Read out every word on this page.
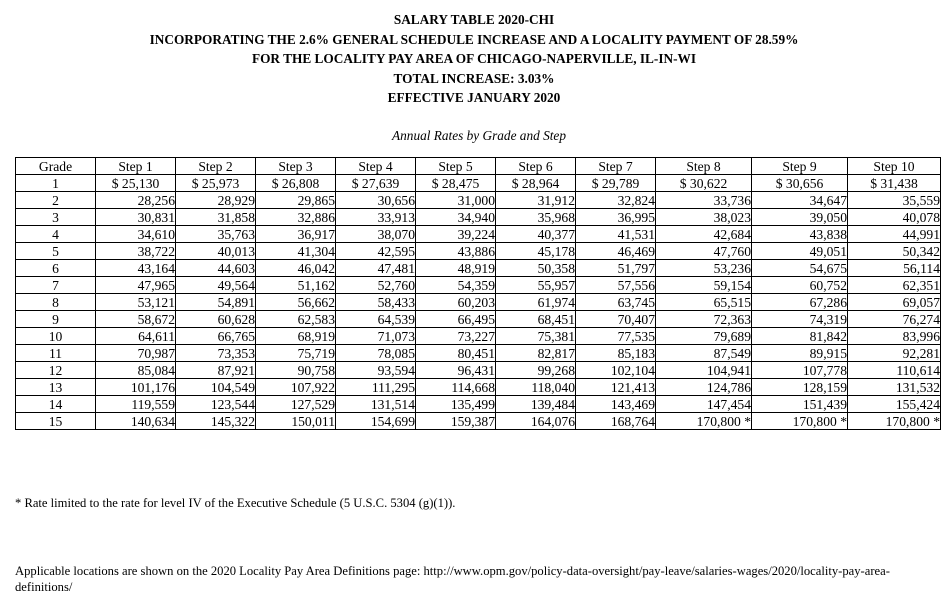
SALARY TABLE 2020-CHI
INCORPORATING THE 2.6% GENERAL SCHEDULE INCREASE AND A LOCALITY PAYMENT OF 28.59%
FOR THE LOCALITY PAY AREA OF CHICAGO-NAPERVILLE, IL-IN-WI
TOTAL INCREASE: 3.03%
EFFECTIVE JANUARY 2020
Annual Rates by Grade and Step
Grade	Step 1	Step 2	Step 3	Step 4	Step 5	Step 6	Step 7	Step 8	Step 9	Step 10
1	$ 25,130	$ 25,973	$ 26,808	$ 27,639	$ 28,475	$ 28,964	$ 29,789	$ 30,622	$ 30,656	$ 31,438
2	28,256	28,929	29,865	30,656	31,000	31,912	32,824	33,736	34,647	35,559
3	30,831	31,858	32,886	33,913	34,940	35,968	36,995	38,023	39,050	40,078
4	34,610	35,763	36,917	38,070	39,224	40,377	41,531	42,684	43,838	44,991
5	38,722	40,013	41,304	42,595	43,886	45,178	46,469	47,760	49,051	50,342
6	43,164	44,603	46,042	47,481	48,919	50,358	51,797	53,236	54,675	56,114
7	47,965	49,564	51,162	52,760	54,359	55,957	57,556	59,154	60,752	62,351
8	53,121	54,891	56,662	58,433	60,203	61,974	63,745	65,515	67,286	69,057
9	58,672	60,628	62,583	64,539	66,495	68,451	70,407	72,363	74,319	76,274
10	64,611	66,765	68,919	71,073	73,227	75,381	77,535	79,689	81,842	83,996
11	70,987	73,353	75,719	78,085	80,451	82,817	85,183	87,549	89,915	92,281
12	85,084	87,921	90,758	93,594	96,431	99,268	102,104	104,941	107,778	110,614
13	101,176	104,549	107,922	111,295	114,668	118,040	121,413	124,786	128,159	131,532
14	119,559	123,544	127,529	131,514	135,499	139,484	143,469	147,454	151,439	155,424
15	140,634	145,322	150,011	154,699	159,387	164,076	168,764	170,800 *	170,800 *	170,800 *
* Rate limited to the rate for level IV of the Executive Schedule (5 U.S.C. 5304 (g)(1)).
Applicable locations are shown on the 2020 Locality Pay Area Definitions page: http://www.opm.gov/policy-data-oversight/pay-leave/salaries-wages/2020/locality-pay-area-definitions/
